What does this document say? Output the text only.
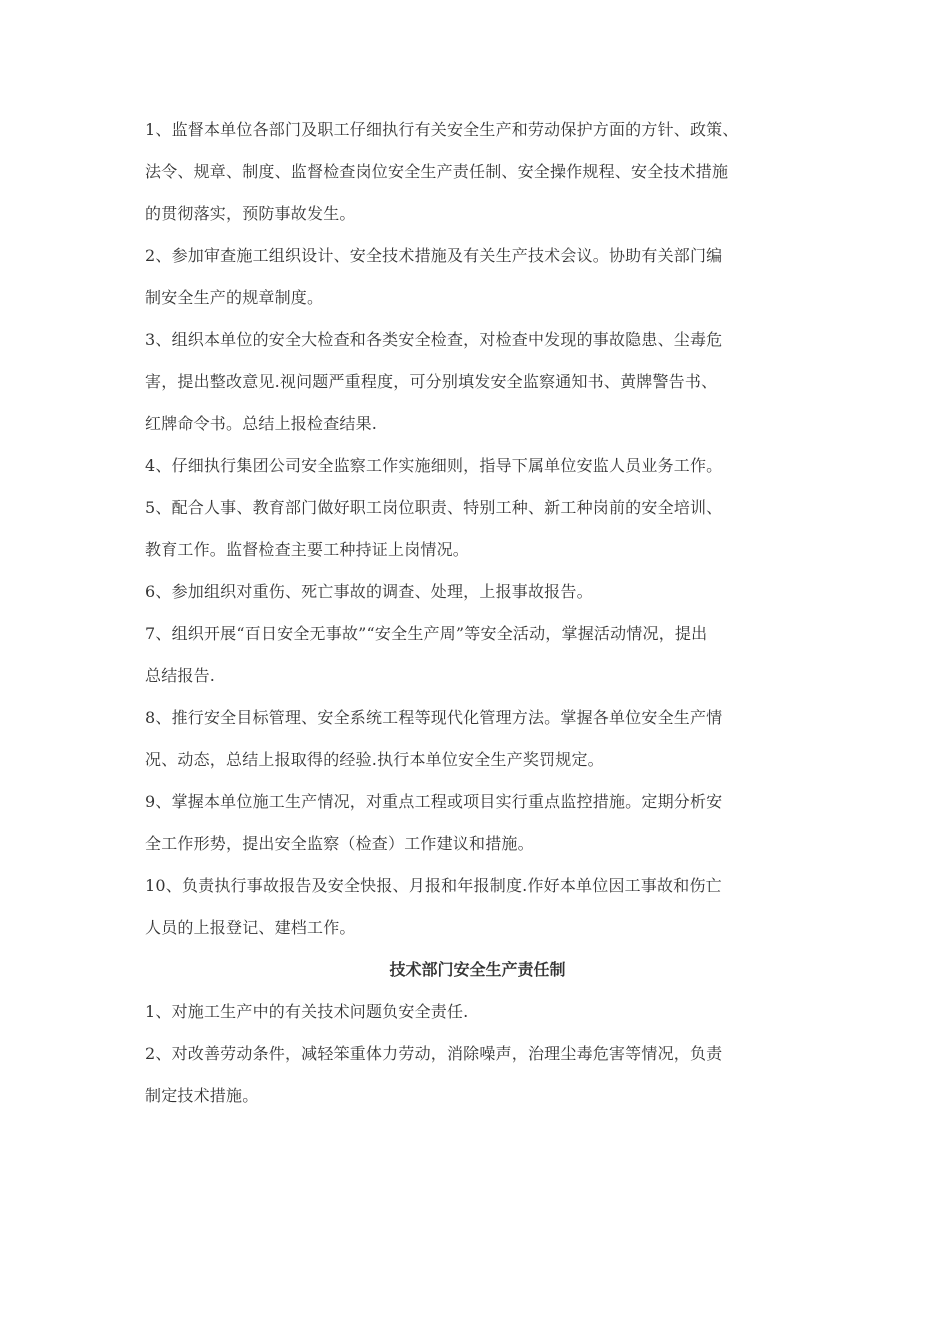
1、监督本单位各部门及职工仔细执行有关安全生产和劳动保护方面的方针、政策、
法令、规章、制度、监督检查岗位安全生产责任制、安全操作规程、安全技术措施
的贯彻落实，预防事故发生。
2、参加审查施工组织设计、安全技术措施及有关生产技术会议。协助有关部门编
制安全生产的规章制度。
3、组织本单位的安全大检查和各类安全检查，对检查中发现的事故隐患、尘毒危
害，提出整改意见.视问题严重程度，可分别填发安全监察通知书、黄牌警告书、
红牌命令书。总结上报检查结果.
4、仔细执行集团公司安全监察工作实施细则，指导下属单位安监人员业务工作。
5、配合人事、教育部门做好职工岗位职责、特别工种、新工种岗前的安全培训、
教育工作。监督检查主要工种持证上岗情况。
6、参加组织对重伤、死亡事故的调查、处理，上报事故报告。
7、组织开展“百日安全无事故”“安全生产周”等安全活动，掌握活动情况，提出
总结报告.
8、推行安全目标管理、安全系统工程等现代化管理方法。掌握各单位安全生产情
况、动态，总结上报取得的经验.执行本单位安全生产奖罚规定。
9、掌握本单位施工生产情况，对重点工程或项目实行重点监控措施。定期分析安
全工作形势，提出安全监察（检查）工作建议和措施。
10、负责执行事故报告及安全快报、月报和年报制度.作好本单位因工事故和伤亡
人员的上报登记、建档工作。
技术部门安全生产责任制
1、对施工生产中的有关技术问题负安全责任.
2、对改善劳动条件，减轻笨重体力劳动，消除噪声，治理尘毒危害等情况，负责
制定技术措施。
